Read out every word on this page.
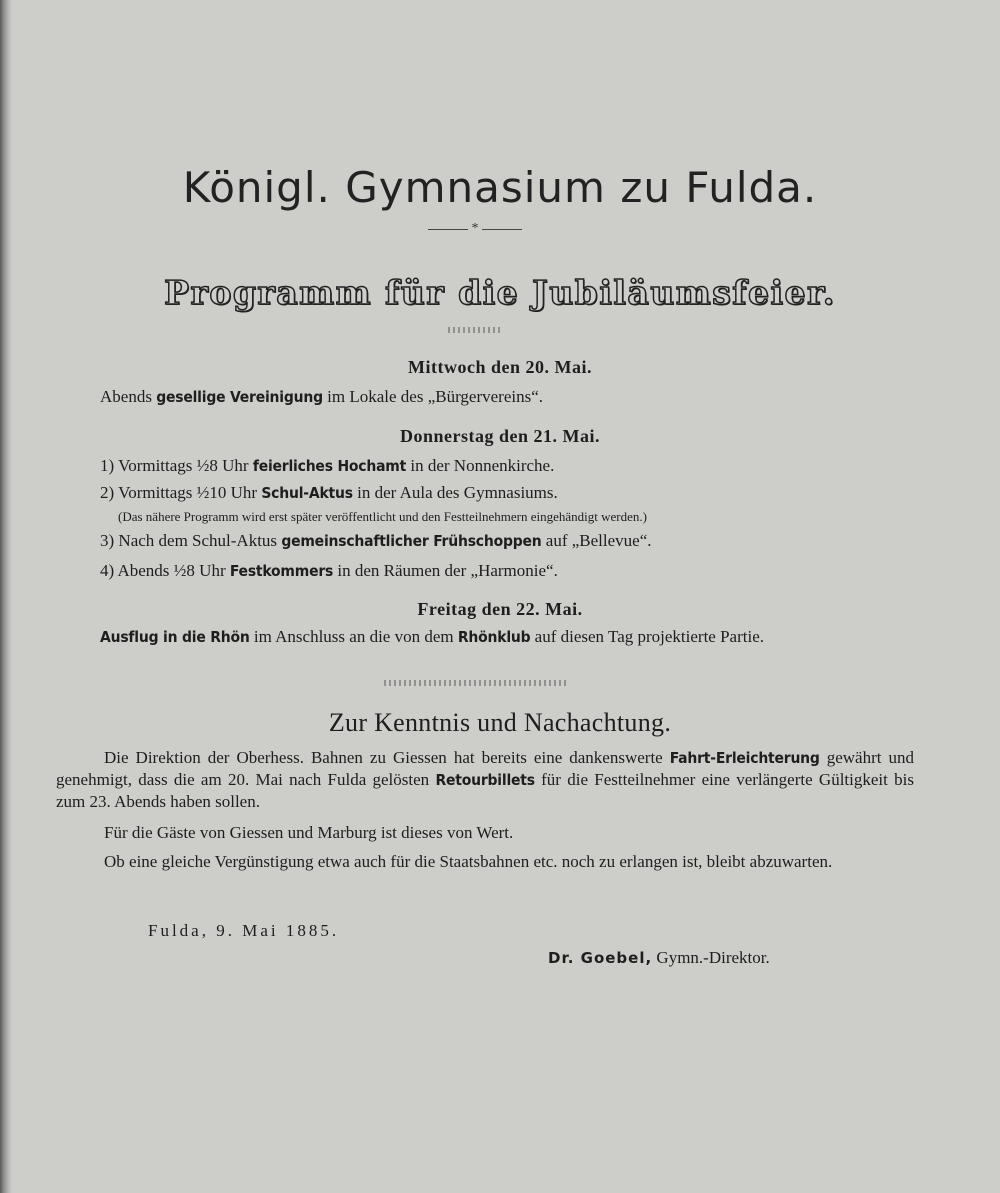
Königl. Gymnasium zu Fulda.
*
Programm für die Jubiläumsfeier.
Mittwoch den 20. Mai.
Abends gesellige Vereinigung im Lokale des „Bürgervereins“.
Donnerstag den 21. Mai.
1) Vormittags ½8 Uhr feierliches Hochamt in der Nonnenkirche.
2) Vormittags ½10 Uhr Schul-Aktus in der Aula des Gymnasiums.
(Das nähere Programm wird erst später veröffentlicht und den Festteilnehmern eingehändigt werden.)
3) Nach dem Schul-Aktus gemeinschaftlicher Frühschoppen auf „Bellevue“.
4) Abends ½8 Uhr Festkommers in den Räumen der „Harmonie“.
Freitag den 22. Mai.
Ausflug in die Rhön im Anschluss an die von dem Rhönklub auf diesen Tag projektierte Partie.
Zur Kenntnis und Nachachtung.

Die Direktion der Oberhess. Bahnen zu Giessen hat bereits eine dankenswerte Fahrt-Erleichterung gewährt und genehmigt, dass die am 20. Mai nach Fulda gelösten Retourbillets für die Festteilnehmer eine verlängerte Gültigkeit bis zum 23. Abends haben sollen.

Für die Gäste von Giessen und Marburg ist dieses von Wert.
Ob eine gleiche Vergünstigung etwa auch für die Staatsbahnen etc. noch zu erlangen ist, bleibt abzuwarten.
Fulda, 9. Mai 1885.
Dr. Goebel, Gymn.-Direktor.
